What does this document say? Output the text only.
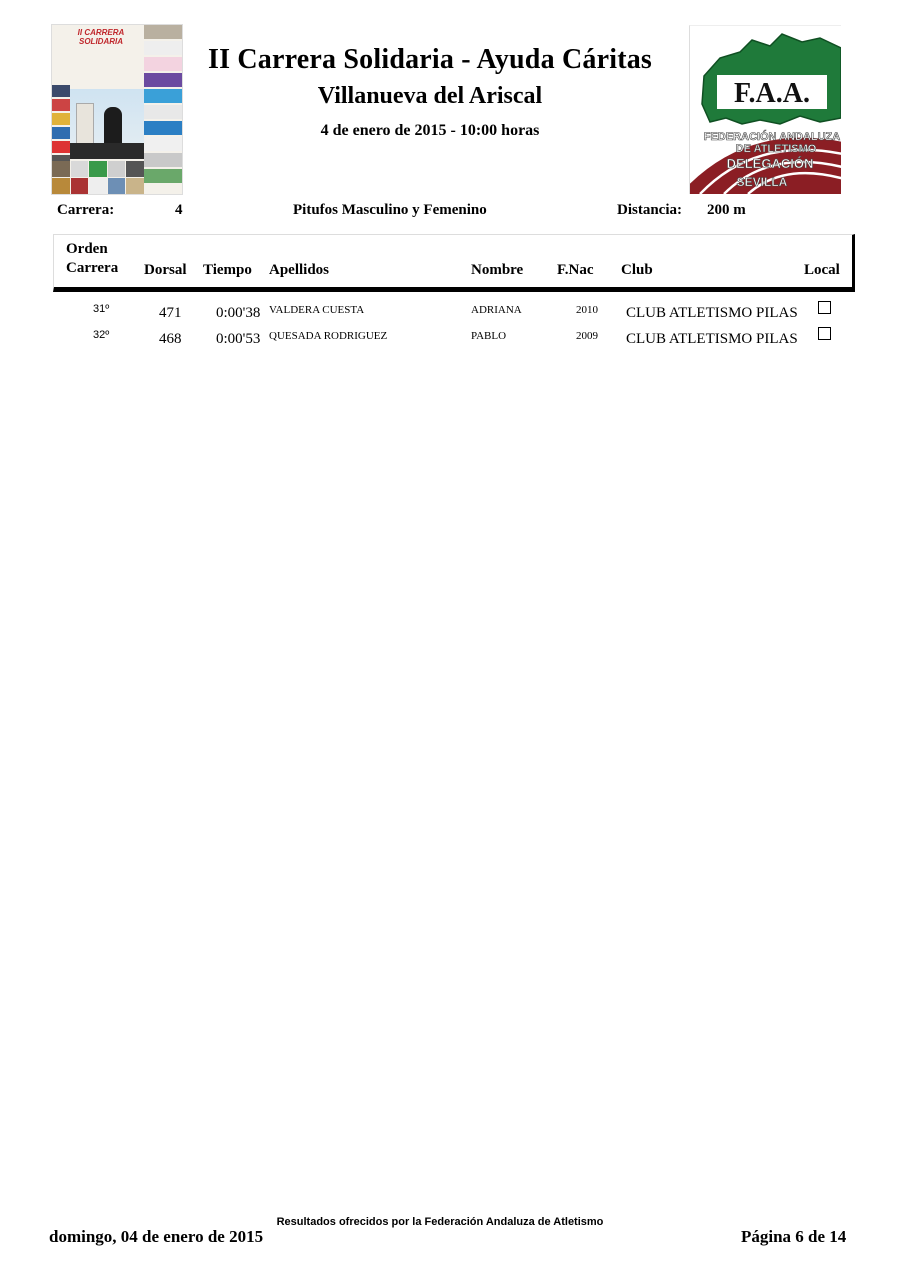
II CARRERA SOLIDARIA
II Carrera Solidaria - Ayuda Cáritas
Villanueva del Ariscal
4 de enero de 2015 - 10:00 horas
F.A.A.
FEDERACIÓN ANDALUZA
DE ATLETISMO
DELEGACIÓN
SEVILLA
Carrera:	4	Pitufos Masculino y Femenino	Distancia: 200 m
Orden
Carrera Dorsal Tiempo Apellidos	Nombre F.Nac Club	Local
31º	471 0:00'38 VALDERA CUESTA	ADRIANA	2010 CLUB ATLETISMO PILAS
32º	468 0:00'53 QUESADA RODRIGUEZ	PABLO	2009 CLUB ATLETISMO PILAS
Resultados ofrecidos por la Federación Andaluza de Atletismo
domingo, 04 de enero de 2015	Página 6 de 14
